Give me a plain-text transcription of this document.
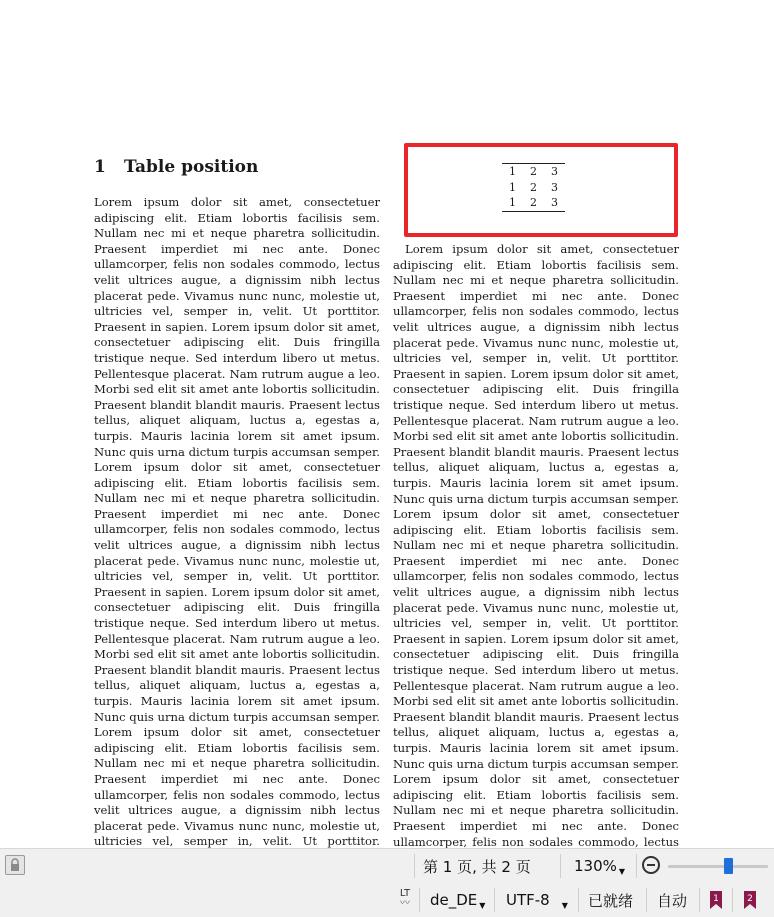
1 Table position

Lorem ipsum dolor sit amet, consectetuer adipiscing elit. Etiam lobortis facilisis sem. Nullam nec mi et neque pharetra sollicitudin. Praesent imperdiet mi nec ante. Donec ullamcorper, felis non sodales commodo, lectus velit ultrices augue, a dignissim nibh lectus placerat pede. Vivamus nunc nunc, molestie ut, ultricies vel, semper in, velit. Ut porttitor. Praesent in sapien. Lorem ipsum dolor sit amet, consectetuer adipiscing elit. Duis fringilla tristique neque. Sed interdum libero ut metus. Pellentesque placerat. Nam rutrum augue a leo. Morbi sed elit sit amet ante lobortis sollicitudin. Praesent blandit blandit mauris. Praesent lectus tellus, aliquet aliquam, luctus a, egestas a, turpis. Mauris lacinia lorem sit amet ipsum. Nunc quis urna dictum turpis accumsan semper. Lorem ipsum dolor sit amet, consectetuer adipiscing elit. Etiam lobortis facilisis sem. Nullam nec mi et neque pharetra sollicitudin. Praesent imperdiet mi nec ante. Donec ullamcorper, felis non sodales commodo, lectus velit ultrices augue, a dignissim nibh lectus placerat pede. Vivamus nunc nunc, molestie ut, ultricies vel, semper in, velit. Ut porttitor. Praesent in sapien. Lorem ipsum dolor sit amet, consectetuer adipiscing elit. Duis fringilla tristique neque. Sed interdum libero ut metus. Pellentesque placerat. Nam rutrum augue a leo. Morbi sed elit sit amet ante lobortis sollicitudin. Praesent blandit blandit mauris. Praesent lectus tellus, aliquet aliquam, luctus a, egestas a, turpis. Mauris lacinia lorem sit amet ipsum. Nunc quis urna dictum turpis accumsan semper. Lorem ipsum dolor sit amet, consectetuer adipiscing elit. Etiam lobortis facilisis sem. Nullam nec mi et neque pharetra sollicitudin. Praesent imperdiet mi nec ante. Donec ullamcorper, felis non sodales commodo, lectus velit ultrices augue, a dignissim nibh lectus placerat pede. Vivamus nunc nunc, molestie ut, ultricies vel, semper in, velit. Ut porttitor.

1	2	3
1	2	3
1	2	3

Lorem ipsum dolor sit amet, consectetuer adipiscing elit. Etiam lobortis facilisis sem. Nullam nec mi et neque pharetra sollicitudin. Praesent imperdiet mi nec ante. Donec ullamcorper, felis non sodales commodo, lectus velit ultrices augue, a dignissim nibh lectus placerat pede. Vivamus nunc nunc, molestie ut, ultricies vel, semper in, velit. Ut porttitor. Praesent in sapien. Lorem ipsum dolor sit amet, consectetuer adipiscing elit. Duis fringilla tristique neque. Sed interdum libero ut metus. Pellentesque placerat. Nam rutrum augue a leo. Morbi sed elit sit amet ante lobortis sollicitudin. Praesent blandit blandit mauris. Praesent lectus tellus, aliquet aliquam, luctus a, egestas a, turpis. Mauris lacinia lorem sit amet ipsum. Nunc quis urna dictum turpis accumsan semper. Lorem ipsum dolor sit amet, consectetuer adipiscing elit. Etiam lobortis facilisis sem. Nullam nec mi et neque pharetra sollicitudin. Praesent imperdiet mi nec ante. Donec ullamcorper, felis non sodales commodo, lectus velit ultrices augue, a dignissim nibh lectus placerat pede. Vivamus nunc nunc, molestie ut, ultricies vel, semper in, velit. Ut porttitor. Praesent in sapien. Lorem ipsum dolor sit amet, consectetuer adipiscing elit. Duis fringilla tristique neque. Sed interdum libero ut metus. Pellentesque placerat. Nam rutrum augue a leo. Morbi sed elit sit amet ante lobortis sollicitudin. Praesent blandit blandit mauris. Praesent lectus tellus, aliquet aliquam, luctus a, egestas a, turpis. Mauris lacinia lorem sit amet ipsum. Nunc quis urna dictum turpis accumsan semper. Lorem ipsum dolor sit amet, consectetuer adipiscing elit. Etiam lobortis facilisis sem. Nullam nec mi et neque pharetra sollicitudin. Praesent imperdiet mi nec ante. Donec ullamcorper, felis non sodales commodo, lectus

第 1 页, 共 2 页	130% ▼
LT
〰 de_DE ▼ UTF-8 ▼ 已就绪 自动	1	2
